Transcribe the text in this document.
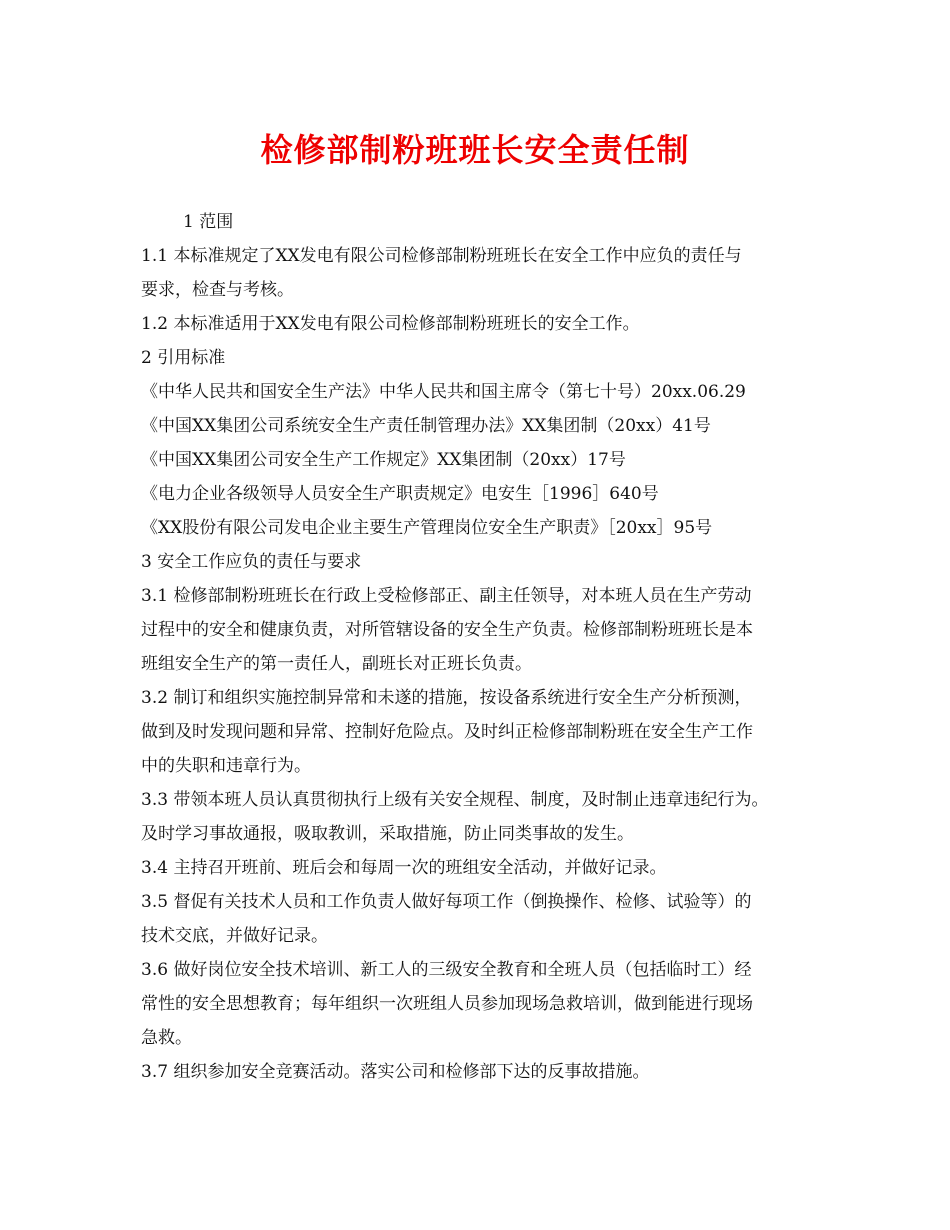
检修部制粉班班长安全责任制
1 范围
1.1 本标准规定了XX发电有限公司检修部制粉班班长在安全工作中应负的责任与
要求，检查与考核。
1.2 本标准适用于XX发电有限公司检修部制粉班班长的安全工作。
2 引用标准
《中华人民共和国安全生产法》中华人民共和国主席令（第七十号）20xx.06.29
《中国XX集团公司系统安全生产责任制管理办法》XX集团制（20xx）41号
《中国XX集团公司安全生产工作规定》XX集团制（20xx）17号
《电力企业各级领导人员安全生产职责规定》电安生［1996］640号
《XX股份有限公司发电企业主要生产管理岗位安全生产职责》［20xx］95号
3 安全工作应负的责任与要求
3.1 检修部制粉班班长在行政上受检修部正、副主任领导，对本班人员在生产劳动
过程中的安全和健康负责，对所管辖设备的安全生产负责。检修部制粉班班长是本
班组安全生产的第一责任人，副班长对正班长负责。
3.2 制订和组织实施控制异常和未遂的措施，按设备系统进行安全生产分析预测，
做到及时发现问题和异常、控制好危险点。及时纠正检修部制粉班在安全生产工作
中的失职和违章行为。
3.3 带领本班人员认真贯彻执行上级有关安全规程、制度，及时制止违章违纪行为。
及时学习事故通报，吸取教训，采取措施，防止同类事故的发生。
3.4 主持召开班前、班后会和每周一次的班组安全活动，并做好记录。
3.5 督促有关技术人员和工作负责人做好每项工作（倒换操作、检修、试验等）的
技术交底，并做好记录。
3.6 做好岗位安全技术培训、新工人的三级安全教育和全班人员（包括临时工）经
常性的安全思想教育；每年组织一次班组人员参加现场急救培训，做到能进行现场
急救。
3.7 组织参加安全竞赛活动。落实公司和检修部下达的反事故措施。
